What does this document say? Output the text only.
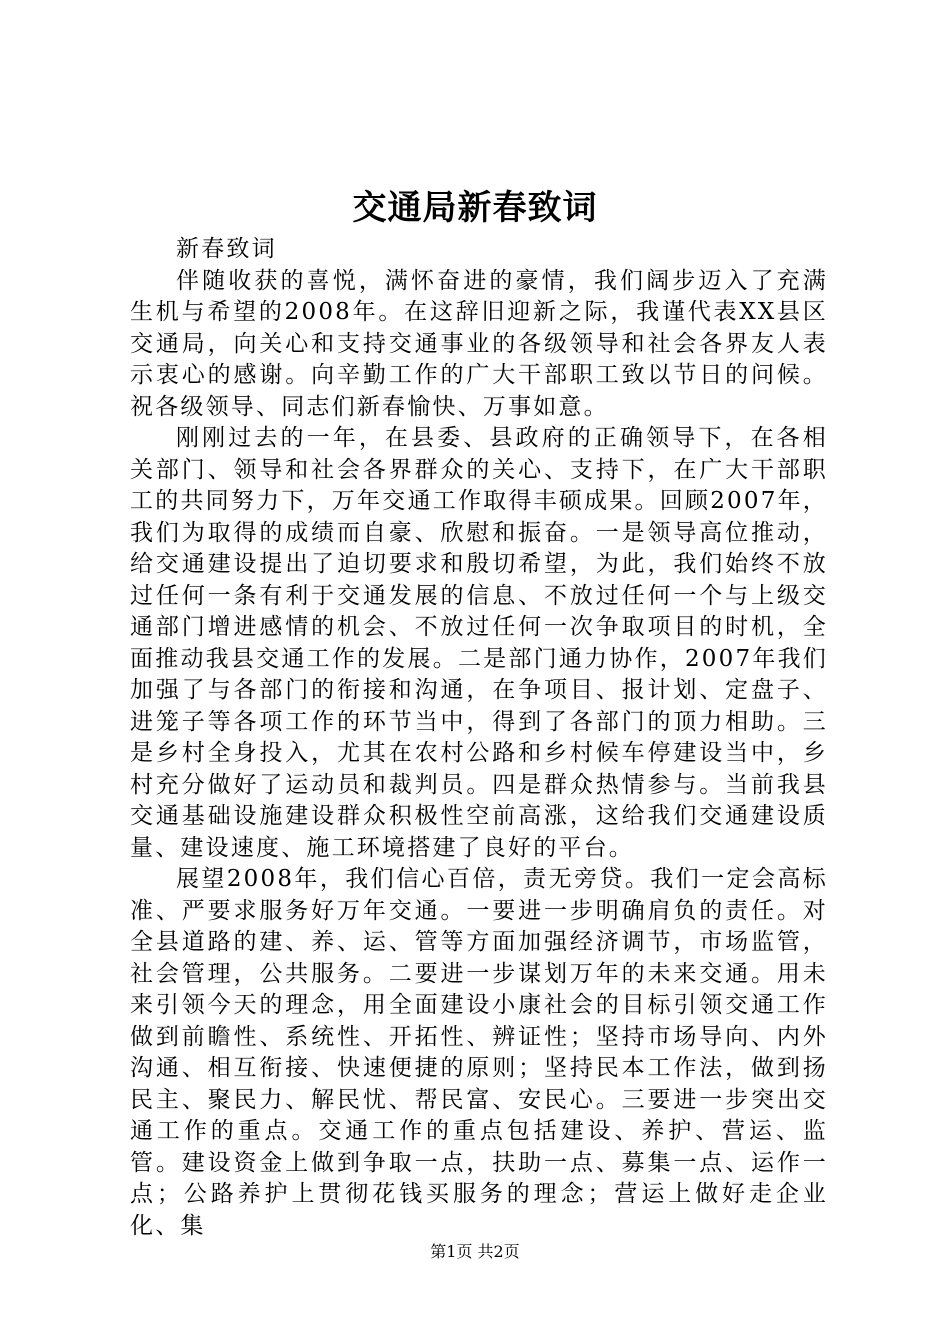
交通局新春致词

新春致词

伴随收获的喜悦，满怀奋进的豪情，我们阔步迈入了充满生机与希望的2008年。在这辞旧迎新之际，我谨代表XX县区交通局，向关心和支持交通事业的各级领导和社会各界友人表示衷心的感谢。向辛勤工作的广大干部职工致以节日的问候。祝各级领导、同志们新春愉快、万事如意。

刚刚过去的一年，在县委、县政府的正确领导下，在各相关部门、领导和社会各界群众的关心、支持下，在广大干部职工的共同努力下，万年交通工作取得丰硕成果。回顾2007年，我们为取得的成绩而自豪、欣慰和振奋。一是领导高位推动，给交通建设提出了迫切要求和殷切希望，为此，我们始终不放过任何一条有利于交通发展的信息、不放过任何一个与上级交通部门增进感情的机会、不放过任何一次争取项目的时机，全面推动我县交通工作的发展。二是部门通力协作，2007年我们加强了与各部门的衔接和沟通，在争项目、报计划、定盘子、进笼子等各项工作的环节当中，得到了各部门的顶力相助。三是乡村全身投入，尤其在农村公路和乡村候车停建设当中，乡村充分做好了运动员和裁判员。四是群众热情参与。当前我县交通基础设施建设群众积极性空前高涨，这给我们交通建设质量、建设速度、施工环境搭建了良好的平台。

展望2008年，我们信心百倍，责无旁贷。我们一定会高标准、严要求服务好万年交通。一要进一步明确肩负的责任。对全县道路的建、养、运、管等方面加强经济调节，市场监管，社会管理，公共服务。二要进一步谋划万年的未来交通。用未来引领今天的理念，用全面建设小康社会的目标引领交通工作做到前瞻性、系统性、开拓性、辨证性；坚持市场导向、内外沟通、相互衔接、快速便捷的原则；坚持民本工作法，做到扬民主、聚民力、解民忧、帮民富、安民心。三要进一步突出交通工作的重点。交通工作的重点包括建设、养护、营运、监管。建设资金上做到争取一点，扶助一点、募集一点、运作一点；公路养护上贯彻花钱买服务的理念；营运上做好走企业化、集

第1页 共2页
